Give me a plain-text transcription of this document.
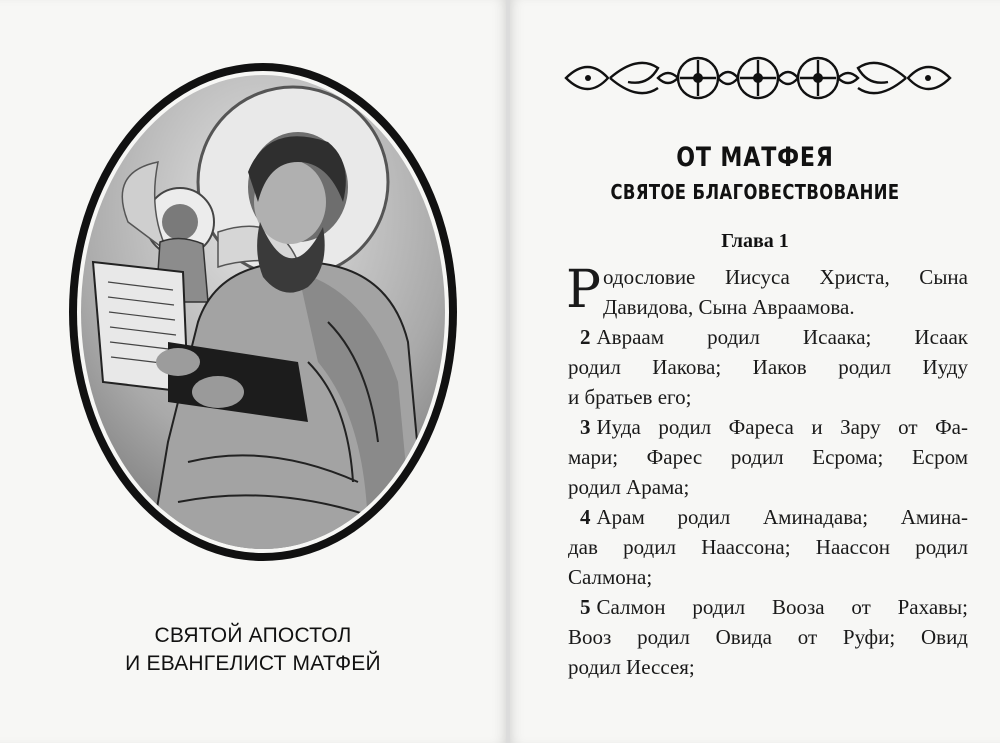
СВЯТОЙ АПОСТОЛ
И ЕВАНГЕЛИСТ МАТФЕЙ
ОТ МАТФЕЯ
СВЯТОЕ БЛАГОВЕСТВОВАНИЕ
Глава 1
Р одословие Иисуса Христа, Сына
Давидова, Сына Авраамова.
2 Авраам родил Исаака; Исаак
родил Иакова; Иаков родил Иуду
и братьев его;
3 Иуда родил Фареса и Зару от Фа-
мари; Фарес родил Есрома; Есром
родил Арама;
4 Арам родил Аминадава; Амина-
дав родил Наассона; Наассон родил
Салмона;
5 Салмон родил Вооза от Рахавы;
Вооз родил Овида от Руфи; Овид
родил Иессея;
